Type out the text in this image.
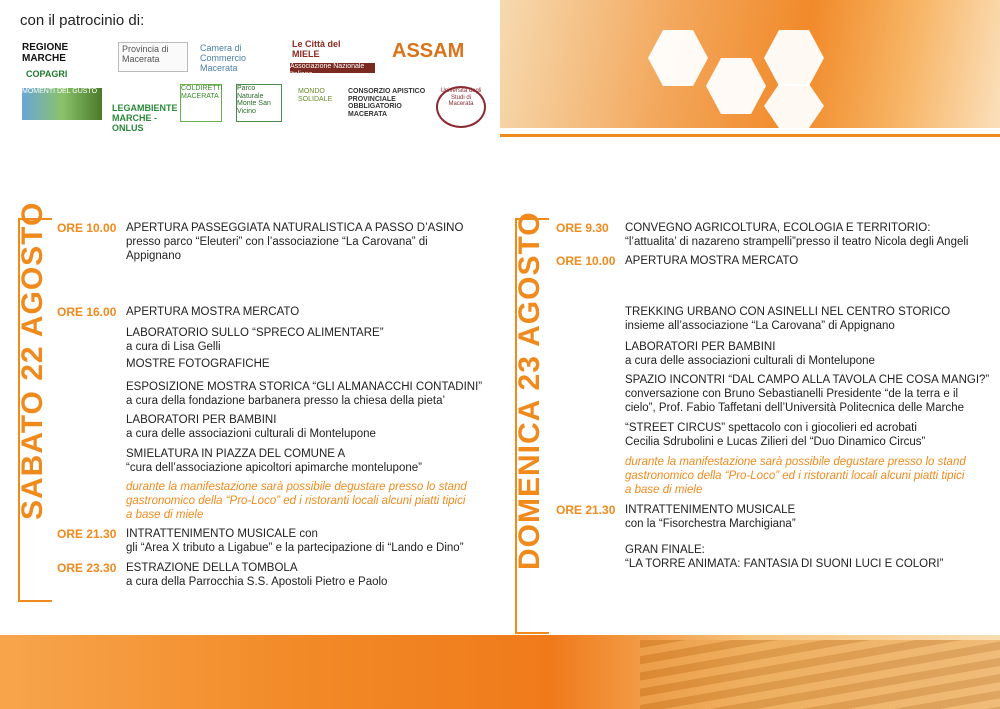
con il patrocinio di:
REGIONE MARCHE
Provincia di Macerata
Camera di Commercio Macerata
Le Città del MIELE
Associazione Nazionale Italiana
ASSAM
COPAGRI
MOMENTI DEL GUSTO
LEGAMBIENTE MARCHE - ONLUS
COLDIRETTI MACERATA
Parco Naturale Monte San Vicino
MONDO SOLIDALE
CONSORZIO APISTICO PROVINCIALE OBBLIGATORIO MACERATA
Università degli Studi di Macerata
SABATO 22 AGOSTO ORE 10.00 APERTURA PASSEGGIATA NATURALISTICA A PASSO D’ASINO
presso parco “Eleuteri” con l’associazione “La Carovana” di
Appignano
ORE 16.00 APERTURA MOSTRA MERCATO
LABORATORIO SULLO “SPRECO ALIMENTARE”
a cura di Lisa Gelli
MOSTRE FOTOGRAFICHE
ESPOSIZIONE MOSTRA STORICA “GLI ALMANACCHI CONTADINI”
a cura della fondazione barbanera presso la chiesa della pieta’
LABORATORI PER BAMBINI
a cura delle associazioni culturali di Montelupone
SMIELATURA IN PIAZZA DEL COMUNE A
“cura dell’associazione apicoltori apimarche montelupone”
durante la manifestazione sarà possibile degustare presso lo stand
gastronomico della “Pro-Loco” ed i ristoranti locali alcuni piatti tipici
a base di miele
ORE 21.30 INTRATTENIMENTO MUSICALE con
gli “Area X tributo a Ligabue” e la partecipazione di “Lando e Dino”
ORE 23.30 ESTRAZIONE DELLA TOMBOLA
a cura della Parrocchia S.S. Apostoli Pietro e Paolo
DOMENICA 23 AGOSTO ORE 9.30 CONVEGNO AGRICOLTURA, ECOLOGIA E TERRITORIO:
“l’attualita’ di nazareno strampelli”presso il teatro Nicola degli Angeli
ORE 10.00 APERTURA MOSTRA MERCATO
TREKKING URBANO CON ASINELLI NEL CENTRO STORICO
insieme all’associazione “La Carovana” di Appignano
LABORATORI PER BAMBINI
a cura delle associazioni culturali di Montelupone
SPAZIO INCONTRI “DAL CAMPO ALLA TAVOLA CHE COSA MANGI?”
conversazione con Bruno Sebastianelli Presidente “de la terra e il
cielo”, Prof. Fabio Taffetani dell’Università Politecnica delle Marche
“STREET CIRCUS” spettacolo con i giocolieri ed acrobati
Cecilia Sdrubolini e Lucas Zilieri del “Duo Dinamico Circus”
durante la manifestazione sarà possibile degustare presso lo stand
gastronomico della “Pro-Loco” ed i ristoranti locali alcuni piatti tipici
a base di miele
ORE 21.30 INTRATTENIMENTO MUSICALE
con la “Fisorchestra Marchigiana”
GRAN FINALE:
“LA TORRE ANIMATA: FANTASIA DI SUONI LUCI E COLORI”
